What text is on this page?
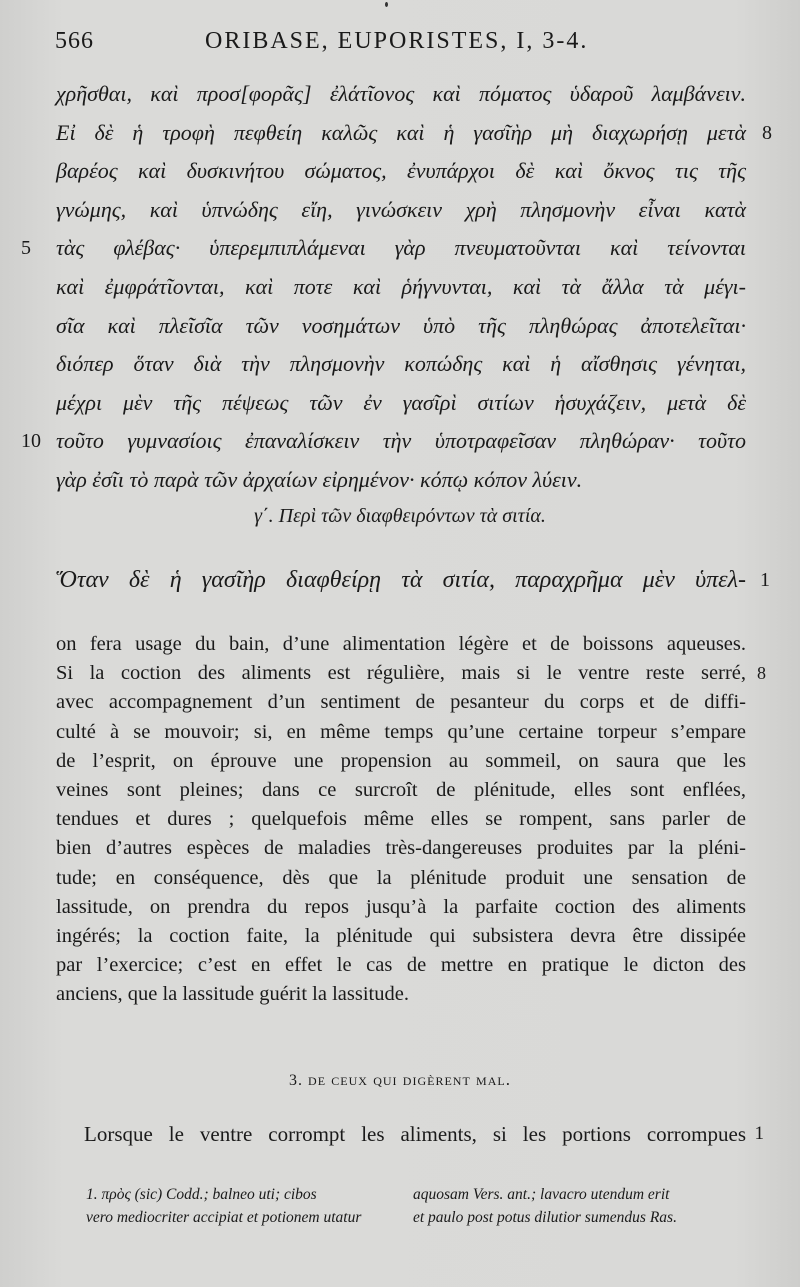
566	ORIBASE, EUPORISTES, I, 3-4.
χρῆσθαι, καὶ προσ[φορᾶς] ἐλάτῖονος καὶ πόματος ὑδαροῦ λαμβάνειν.
Εἰ δὲ ἡ τροφὴ πεφθείη καλῶς καὶ ἡ γασῖὴρ μὴ διαχωρήσῃ μετὰ 8
βαρέος καὶ δυσκινήτου σώματος, ἐνυπάρχοι δὲ καὶ ὄκνος τις τῆς
γνώμης, καὶ ὑπνώδης εἴη, γινώσκειν χρὴ πλησμονὴν εἶναι κατὰ
τὰς φλέβας· ὑπερεμπιπλάμεναι γὰρ πνευματοῦνται καὶ τείνονται
5
καὶ ἐμφράτῖονται, καὶ ποτε καὶ ῥήγνυνται, καὶ τὰ ἄλλα τὰ μέγι-
σῖα καὶ πλεῖσῖα τῶν νοσημάτων ὑπὸ τῆς πληθώρας ἀποτελεῖται·
διόπερ ὅταν διὰ τὴν πλησμονὴν κοπώδης καὶ ἡ αἴσθησις γένηται,
μέχρι μὲν τῆς πέψεως τῶν ἐν γασῖρὶ σιτίων ἡσυχάζειν, μετὰ δὲ
τοῦτο γυμνασίοις ἐπαναλίσκειν τὴν ὑποτραφεῖσαν πληθώραν· τοῦτο
10
γὰρ ἐσῖι τὸ παρὰ τῶν ἀρχαίων εἰρημένον· κόπῳ κόπον λύειν.
γ΄. Περὶ τῶν διαφθειρόντων τὰ σιτία.
Ὅταν δὲ ἡ γασῖὴρ διαφθείρῃ τὰ σιτία, παραχρῆμα μὲν ὑπελ- 1
on fera usage du bain, d’une alimentation légère et de boissons aqueuses.
Si la coction des aliments est régulière, mais si le ventre reste serré, 8
avec accompagnement d’un sentiment de pesanteur du corps et de diffi-
culté à se mouvoir; si, en même temps qu’une certaine torpeur s’empare
de l’esprit, on éprouve une propension au sommeil, on saura que les
veines sont pleines; dans ce surcroît de plénitude, elles sont enflées,
tendues et dures ; quelquefois même elles se rompent, sans parler de
bien d’autres espèces de maladies très-dangereuses produites par la pléni-
tude; en conséquence, dès que la plénitude produit une sensation de
lassitude, on prendra du repos jusqu’à la parfaite coction des aliments
ingérés; la coction faite, la plénitude qui subsistera devra être dissipée
par l’exercice; c’est en effet le cas de mettre en pratique le dicton des
anciens, que la lassitude guérit la lassitude.
3. de ceux qui digèrent mal.
Lorsque le ventre corrompt les aliments, si les portions corrompues 1
1. πρὸς (sic) Codd.; balneo uti; cibos	aquosam Vers. ant.; lavacro utendum erit
vero mediocriter accipiat et potionem utatur	et paulo post potus dilutior sumendus Ras.
